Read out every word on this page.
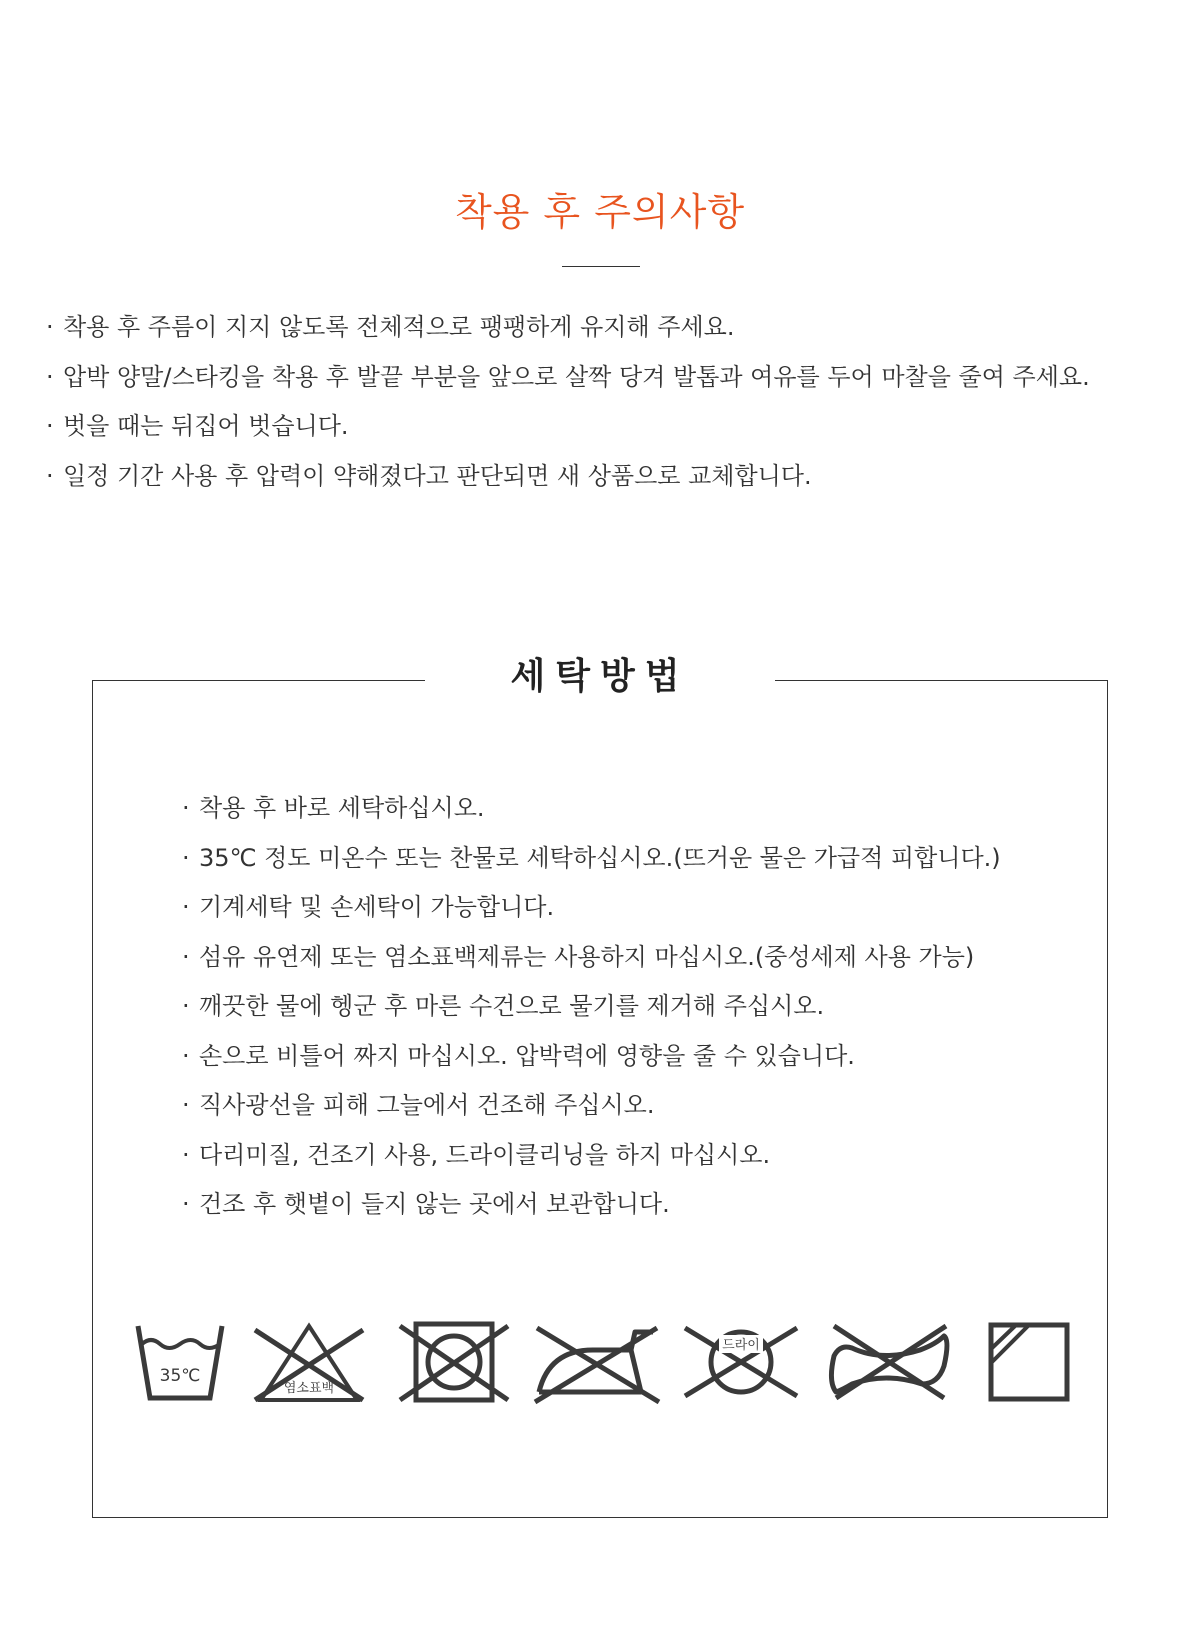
착용 후 주의사항
· 착용 후 주름이 지지 않도록 전체적으로 팽팽하게 유지해 주세요.
· 압박 양말/스타킹을 착용 후 발끝 부분을 앞으로 살짝 당겨 발톱과 여유를 두어 마찰을 줄여 주세요.
· 벗을 때는 뒤집어 벗습니다.
· 일정 기간 사용 후 압력이 약해졌다고 판단되면 새 상품으로 교체합니다.
세탁방법
· 착용 후 바로 세탁하십시오.
· 35℃ 정도 미온수 또는 찬물로 세탁하십시오.(뜨거운 물은 가급적 피합니다.)
· 기계세탁 및 손세탁이 가능합니다.
· 섬유 유연제 또는 염소표백제류는 사용하지 마십시오.(중성세제 사용 가능)
· 깨끗한 물에 헹군 후 마른 수건으로 물기를 제거해 주십시오.
· 손으로 비틀어 짜지 마십시오. 압박력에 영향을 줄 수 있습니다.
· 직사광선을 피해 그늘에서 건조해 주십시오.
· 다리미질, 건조기 사용, 드라이클리닝을 하지 마십시오.
· 건조 후 햇볕이 들지 않는 곳에서 보관합니다.
35℃
염소표백
드라이
